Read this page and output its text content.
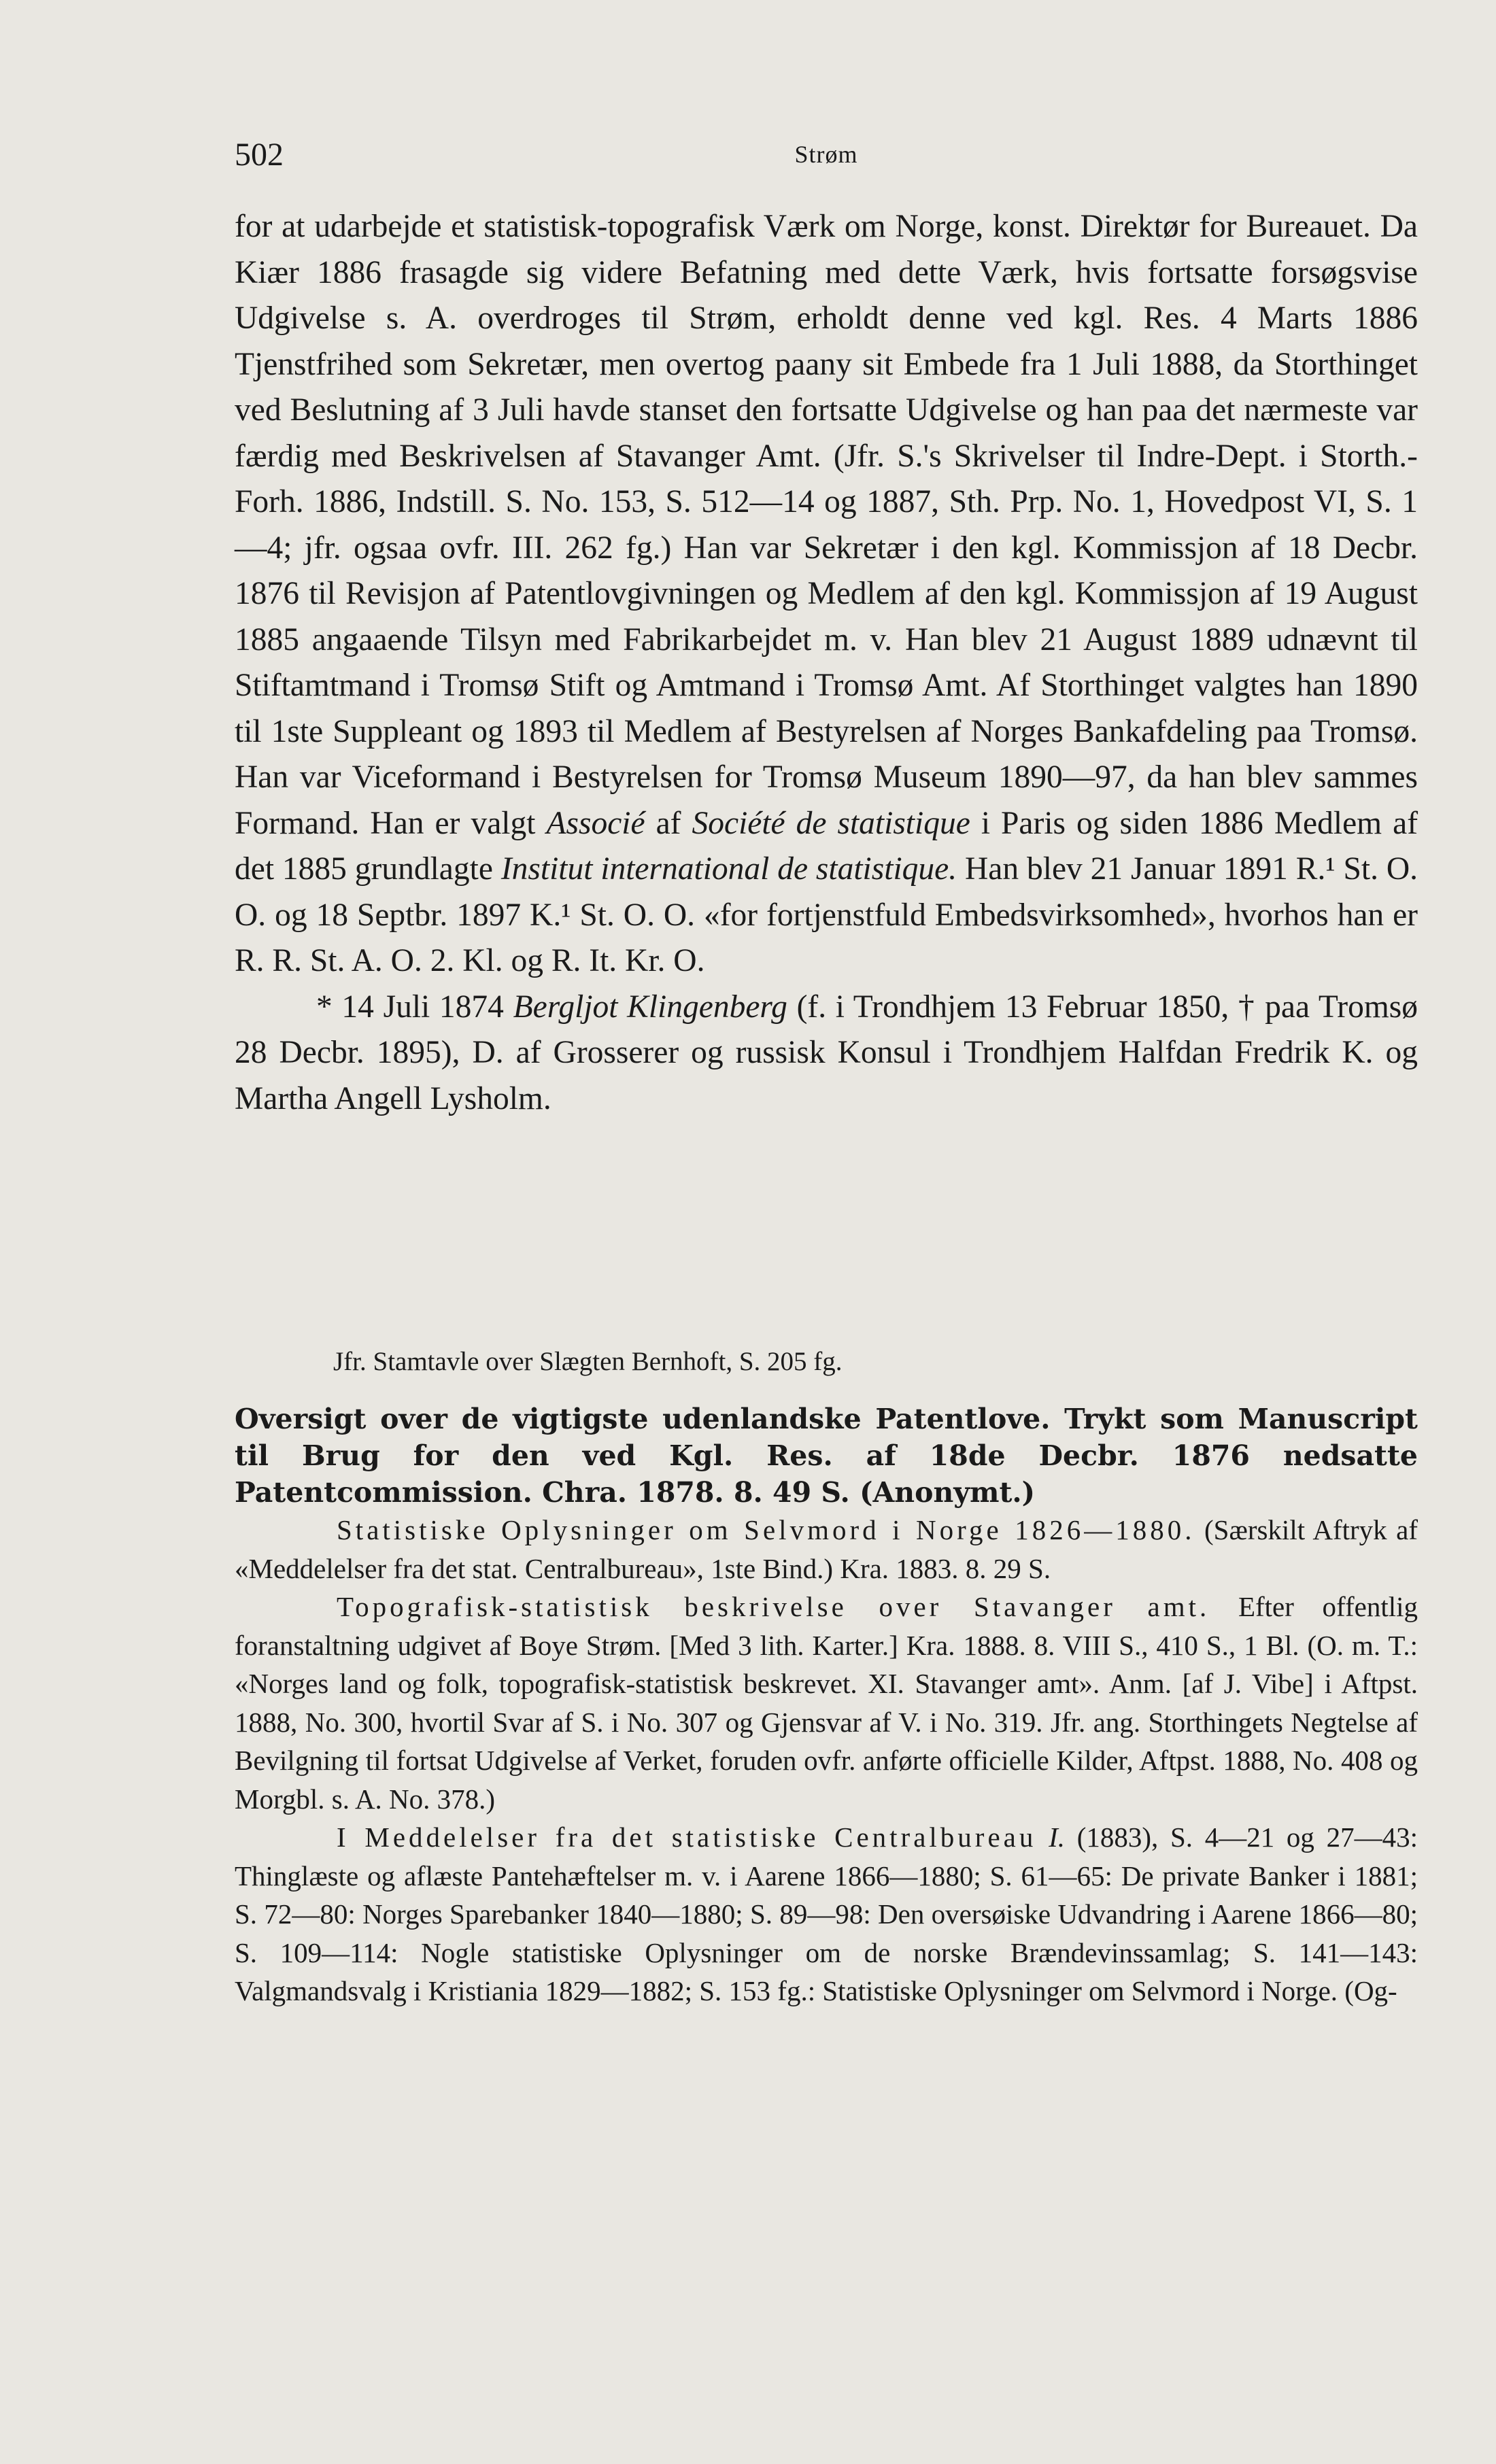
502	Strøm

for at udarbejde et statistisk-topografisk Værk om Norge, konst. Direktør for Bureauet. Da Kiær 1886 frasagde sig videre Befatning med dette Værk, hvis fortsatte forsøgsvise Udgivelse s. A. overdroges til Strøm, erholdt denne ved kgl. Res. 4 Marts 1886 Tjenstfrihed som Sekretær, men overtog paany sit Embede fra 1 Juli 1888, da Storthinget ved Beslutning af 3 Juli havde stanset den fortsatte Udgivelse og han paa det nærmeste var færdig med Beskrivelsen af Stavanger Amt. (Jfr. S.'s Skrivelser til Indre-Dept. i Storth.-Forh. 1886, Indstill. S. No. 153, S. 512—14 og 1887, Sth. Prp. No. 1, Hovedpost VI, S. 1—4; jfr. ogsaa ovfr. III. 262 fg.) Han var Sekretær i den kgl. Kommissjon af 18 Decbr. 1876 til Revisjon af Patentlovgivningen og Medlem af den kgl. Kommissjon af 19 August 1885 angaaende Tilsyn med Fabrikarbejdet m. v. Han blev 21 August 1889 udnævnt til Stiftamtmand i Tromsø Stift og Amtmand i Tromsø Amt. Af Storthinget valgtes han 1890 til 1ste Suppleant og 1893 til Medlem af Bestyrelsen af Norges Bankafdeling paa Tromsø. Han var Viceformand i Bestyrelsen for Tromsø Museum 1890—97, da han blev sammes Formand. Han er valgt Associé af Société de statistique i Paris og siden 1886 Medlem af det 1885 grundlagte Institut international de statistique. Han blev 21 Januar 1891 R.¹ St. O. O. og 18 Septbr. 1897 K.¹ St. O. O. «for fortjenstfuld Embedsvirksomhed», hvorhos han er R. R. St. A. O. 2. Kl. og R. It. Kr. O.

* 14 Juli 1874 Bergljot Klingenberg (f. i Trondhjem 13 Februar 1850, † paa Tromsø 28 Decbr. 1895), D. af Grosserer og russisk Konsul i Trondhjem Halfdan Fredrik K. og Martha Angell Lysholm.

Jfr. Stamtavle over Slægten Bernhoft, S. 205 fg.

Oversigt over de vigtigste udenlandske Patentlove. Trykt som Manuscript til Brug for den ved Kgl. Res. af 18de Decbr. 1876 nedsatte Patentcommission. Chra. 1878. 8. 49 S. (Anonymt.)

Statistiske Oplysninger om Selvmord i Norge 1826—1880. (Særskilt Aftryk af «Meddelelser fra det stat. Centralbureau», 1ste Bind.) Kra. 1883. 8. 29 S.

Topografisk-statistisk beskrivelse over Stavanger amt. Efter offentlig foranstaltning udgivet af Boye Strøm. [Med 3 lith. Karter.] Kra. 1888. 8. VIII S., 410 S., 1 Bl. (O. m. T.: «Norges land og folk, topografisk-statistisk beskrevet. XI. Stavanger amt». Anm. [af J. Vibe] i Aftpst. 1888, No. 300, hvortil Svar af S. i No. 307 og Gjensvar af V. i No. 319. Jfr. ang. Storthingets Negtelse af Bevilgning til fortsat Udgivelse af Verket, foruden ovfr. anførte officielle Kilder, Aftpst. 1888, No. 408 og Morgbl. s. A. No. 378.)

I Meddelelser fra det statistiske Centralbureau I. (1883), S. 4—21 og 27—43: Thinglæste og aflæste Pantehæftelser m. v. i Aarene 1866—1880; S. 61—65: De private Banker i 1881; S. 72—80: Norges Sparebanker 1840—1880; S. 89—98: Den oversøiske Udvandring i Aarene 1866—80; S. 109—114: Nogle statistiske Oplysninger om de norske Brændevinssamlag; S. 141—143: Valgmandsvalg i Kristiania 1829—1882; S. 153 fg.: Statistiske Oplysninger om Selvmord i Norge. (Og-
